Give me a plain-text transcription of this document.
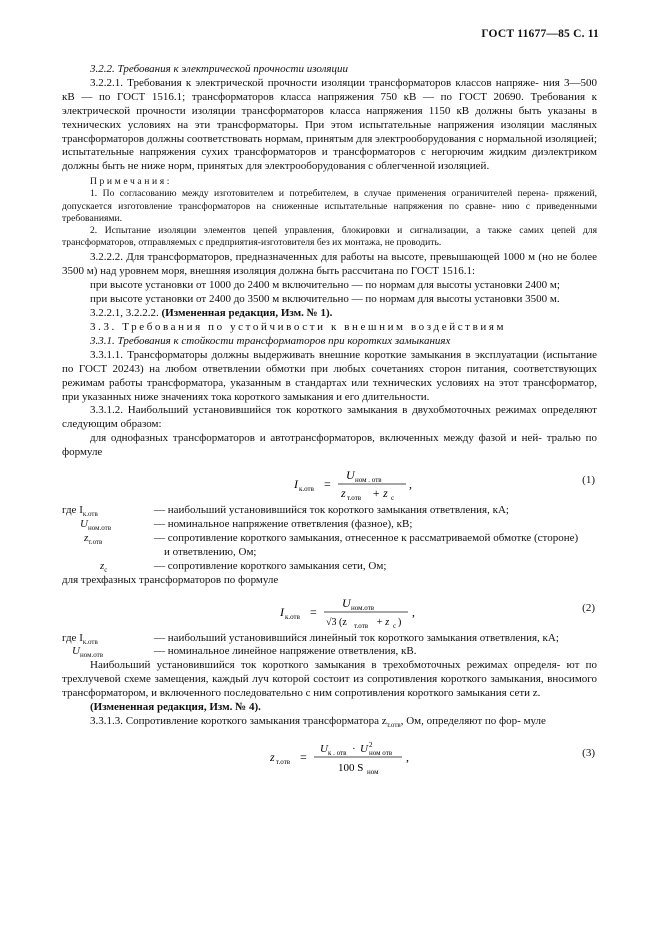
ГОСТ 11677—85 С. 11

3.2.2. Требования к электрической прочности изоляции

3.2.2.1. Требования к электрической прочности изоляции трансформаторов классов напряже- ния 3—500 кВ — по ГОСТ 1516.1; трансформаторов класса напряжения 750 кВ — по ГОСТ 20690. Требования к электрической прочности изоляции трансформаторов класса напряжения 1150 кВ должны быть указаны в технических условиях на эти трансформаторы. При этом испытательные напряжения изоляции масляных трансформаторов должны соответствовать нормам, принятым для электрооборудования с нормальной изоляцией; испытательные напряжения сухих трансформаторов и трансформаторов с негорючим жидким диэлектриком должны быть не ниже норм, принятых для электрооборудования с облегченной изоляцией.

Примечания:

1. По согласованию между изготовителем и потребителем, в случае применения ограничителей перена- пряжений, допускается изготовление трансформаторов на сниженные испытательные напряжения по сравне- нию с приведенными требованиями.

2. Испытание изоляции элементов цепей управления, блокировки и сигнализации, а также самих цепей для трансформаторов, отправляемых с предприятия-изготовителя без их монтажа, не проводить.

3.2.2.2. Для трансформаторов, предназначенных для работы на высоте, превышающей 1000 м (но не более 3500 м) над уровнем моря, внешняя изоляция должна быть рассчитана по ГОСТ 1516.1:

при высоте установки от 1000 до 2400 м включительно — по нормам для высоты установки 2400 м;

при высоте установки от 2400 до 3500 м включительно — по нормам для высоты установки 3500 м.

3.2.2.1, 3.2.2.2. (Измененная редакция, Изм. № 1).

3.3. Требования по устойчивости к внешним воздействиям

3.3.1. Требования к стойкости трансформаторов при коротких замыканиях

3.3.1.1. Трансформаторы должны выдерживать внешние короткие замыкания в эксплуатации (испытание по ГОСТ 20243) на любом ответвлении обмотки при любых сочетаниях сторон питания, соответствующих режимам работы трансформатора, указанным в стандартах или технических условиях на этот трансформатор, при указанных ниже значениях тока короткого замыкания и его длительности.

3.3.1.2. Наибольший установившийся ток короткого замыкания в двухобмоточных режимах определяют следующим образом:

для однофазных трансформаторов и автотрансформаторов, включенных между фазой и ней- тралью по формуле

I к.отв =
U ном . отв
z т.отв + z c
,	(1)
где $I_{к.отв}$	— наибольший установившийся ток короткого замыкания ответвления, кА;
$U_{ном.отв}$	— номинальное напряжение ответвления (фазное), кВ;
$z_{т.отв}$	— сопротивление короткого замыкания, отнесенное к рассматриваемой обмотке (стороне)
и ответвлению, Ом;
$z_c$	— сопротивление короткого замыкания сети, Ом;

для трехфазных трансформаторов по формуле

I к.отв =
U ном.отв
√3 (z т.отв + z c )
,	(2)
где $I_{к.отв}$	— наибольший установившийся линейный ток короткого замыкания ответвления, кА;
$U_{ном.отв}$	— номинальное линейное напряжение ответвления, кВ.

Наибольший установившийся ток короткого замыкания в трехобмоточных режимах определя- ют по трехлучевой схеме замещения, каждый луч которой состоит из сопротивления короткого замыкания, вносимого трансформатором, и включенного последовательно с ним сопротивления короткого замыкания сети z.

(Измененная редакция, Изм. № 4).

3.3.1.3. Сопротивление короткого замыкания трансформатора $z_{т.отв}$, Ом, определяют по фор- муле

z т.отв =
U к . отв · U 2
ном отв
100 S ном
,	(3)
